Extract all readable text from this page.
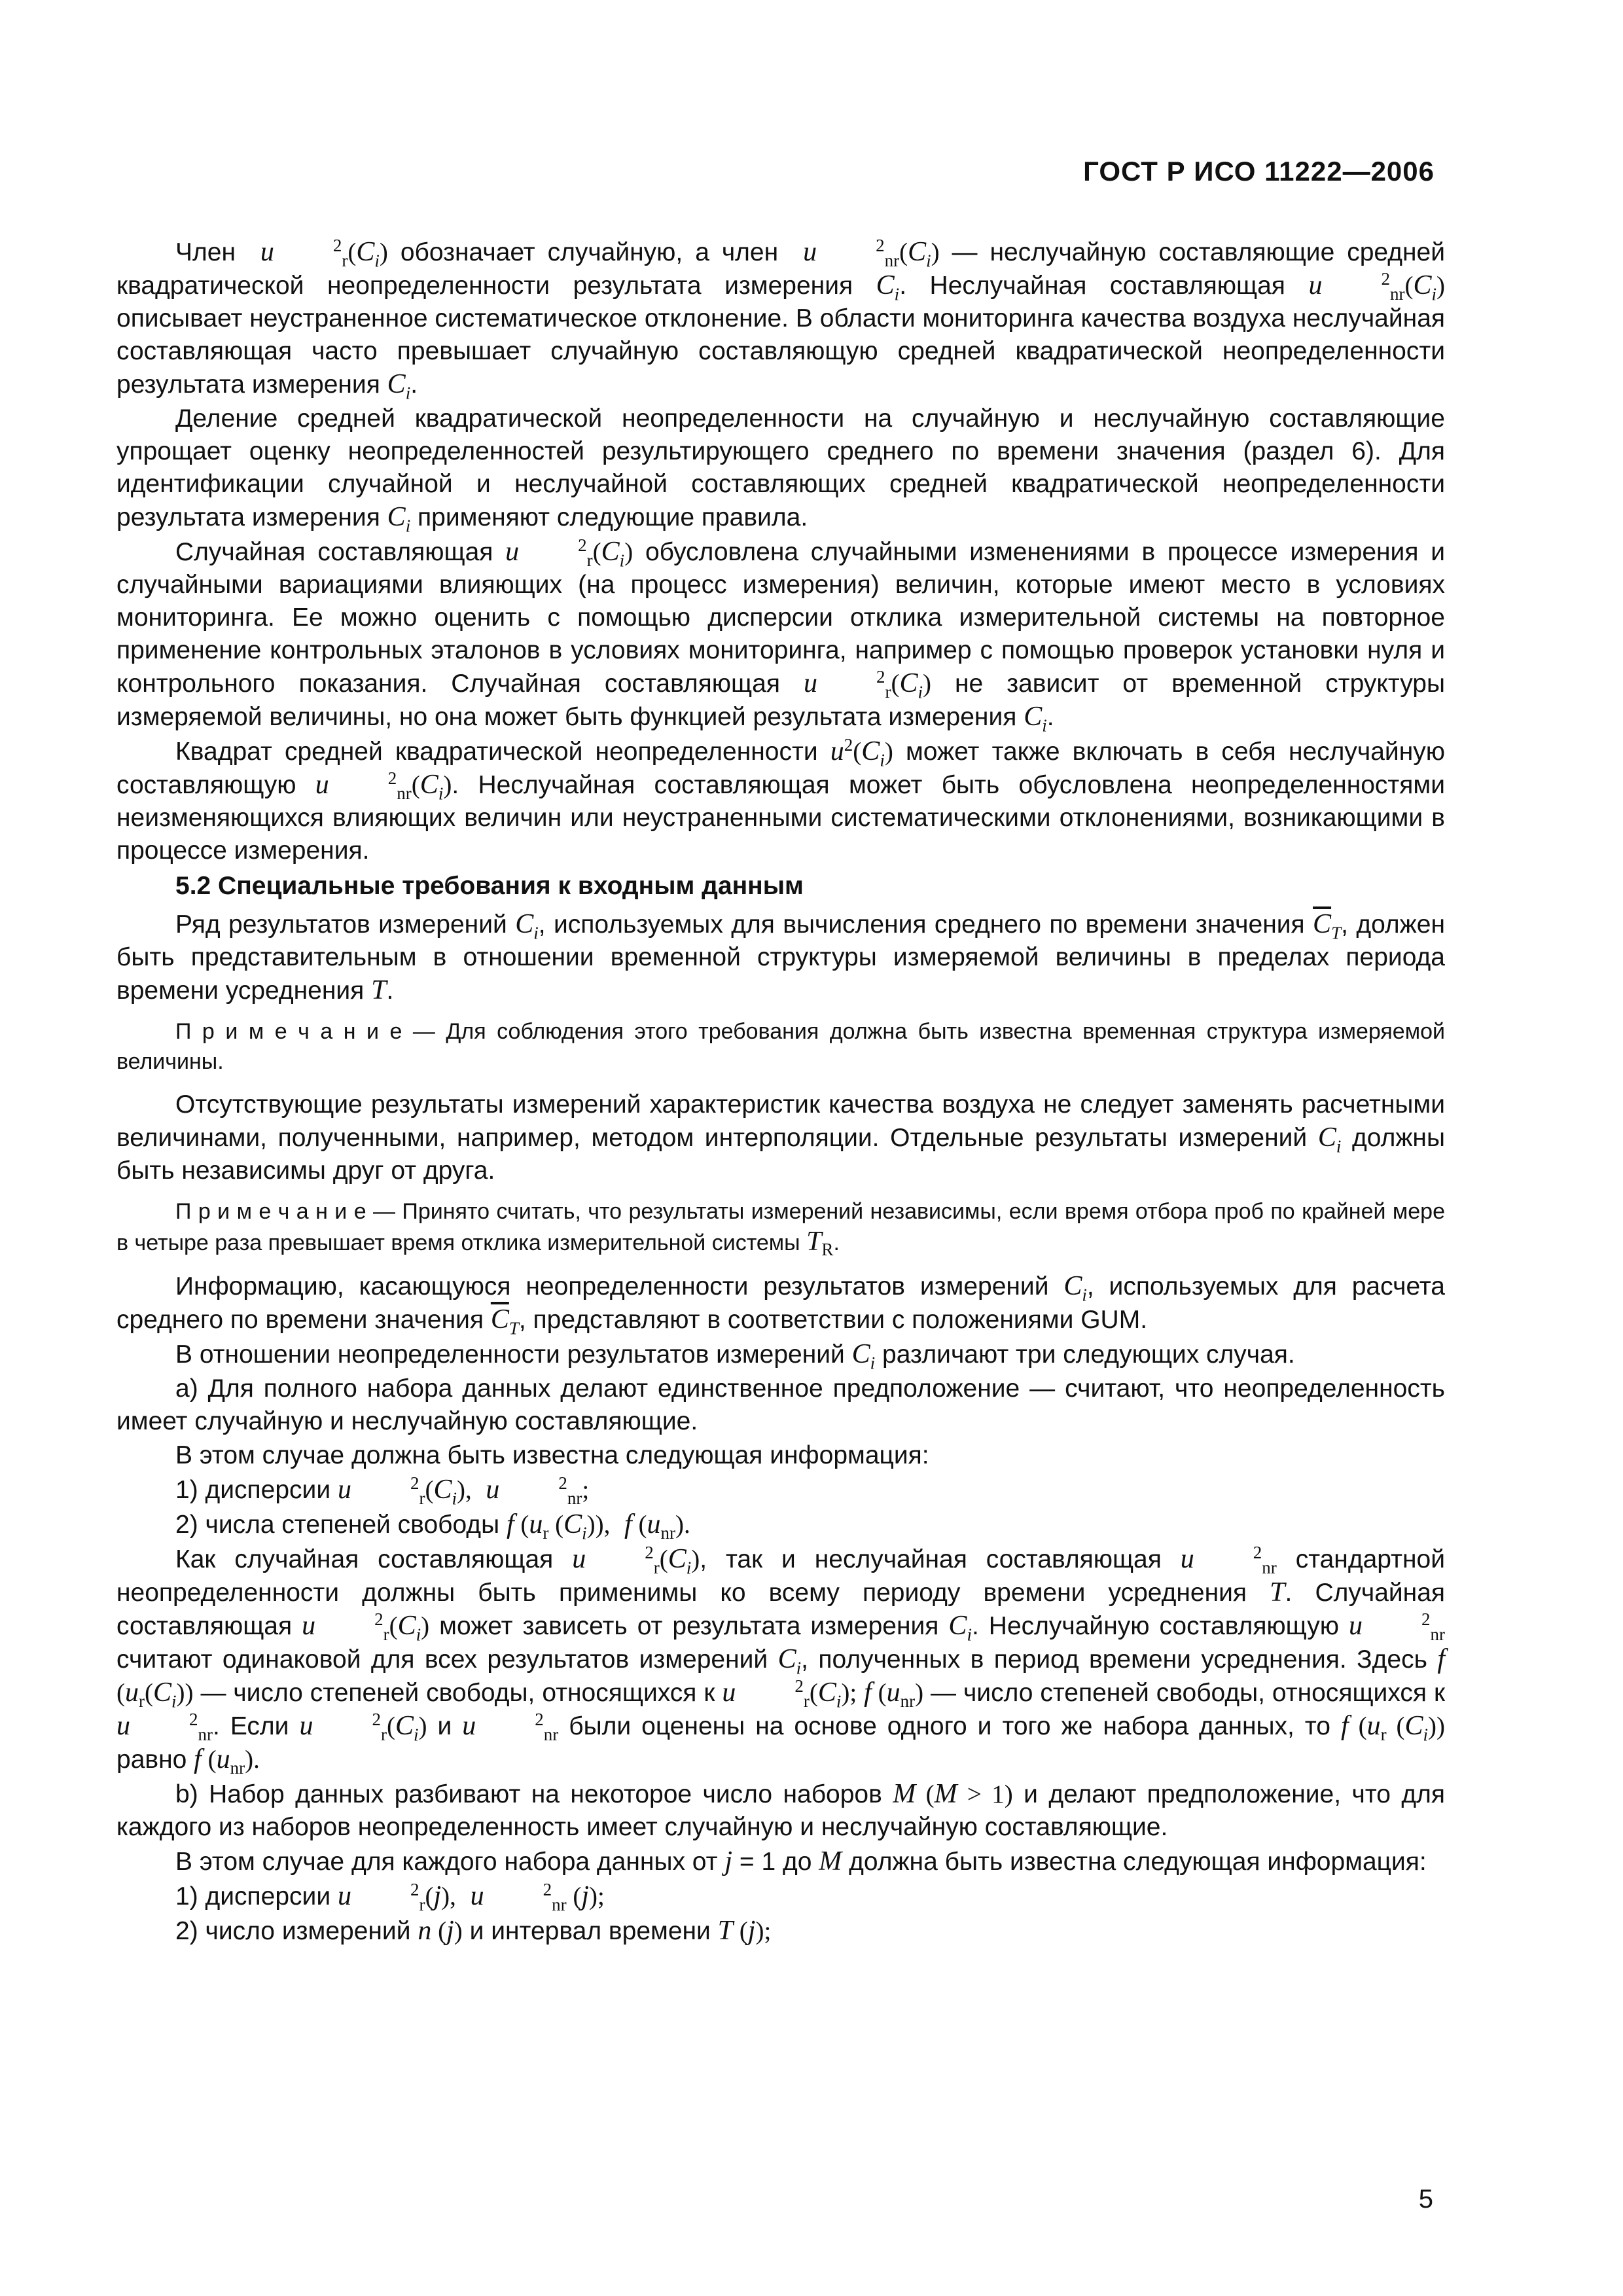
ГОСТ Р ИСО 11222—2006

Член  u	$^2_r(C_i)$ обозначает случайную, а член  u	$^2_{nr}(C_i)$ — неслучайную составляющие средней квадратической неопределенности результата измерения $C_i$. Неслучайная составляющая u	$^2_{nr}(C_i)$ описывает неустраненное систематическое отклонение. В области мониторинга качества воздуха неслучайная составляющая часто превышает случайную составляющую средней квадратической неопределенности результата измерения $C_i$.

Деление средней квадратической неопределенности на случайную и неслучайную составляющие упрощает оценку неопределенностей результирующего среднего по времени значения (раздел 6). Для идентификации случайной и неслучайной составляющих средней квадратической неопределенности результата измерения $C_i$ применяют следующие правила.

Случайная составляющая u	$^2_r(C_i)$ обусловлена случайными изменениями в процессе измерения и случайными вариациями влияющих (на процесс измерения) величин, которые имеют место в условиях мониторинга. Ее можно оценить с помощью дисперсии отклика измерительной системы на повторное применение контрольных эталонов в условиях мониторинга, например с помощью проверок установки нуля и контрольного показания. Случайная составляющая u	$^2_r(C_i)$ не зависит от временной структуры измеряемой величины, но она может быть функцией результата измерения $C_i$.

Квадрат средней квадратической неопределенности $u^2(C_i)$ может также включать в себя неслучайную составляющую u	$^2_{nr}(C_i)$. Неслучайная составляющая может быть обусловлена неопределенностями неизменяющихся влияющих величин или неустраненными систематическими отклонениями, возникающими в процессе измерения.

5.2 Специальные требования к входным данным

Ряд результатов измерений $C_i$, используемых для вычисления среднего по времени значения $\overline{C}_T$, должен быть представительным в отношении временной структуры измеряемой величины в пределах периода времени усреднения T.

П р и м е ч а н и е — Для соблюдения этого требования должна быть известна временная структура измеряемой величины.

Отсутствующие результаты измерений характеристик качества воздуха не следует заменять расчетными величинами, полученными, например, методом интерполяции. Отдельные результаты измерений $C_i$ должны быть независимы друг от друга.

П р и м е ч а н и е — Принято считать, что результаты измерений независимы, если время отбора проб по крайней мере в четыре раза превышает время отклика измерительной системы $T_R$.

Информацию, касающуюся неопределенности результатов измерений $C_i$, используемых для расчета среднего по времени значения $\overline{C}_T$, представляют в соответствии с положениями GUM.

В отношении неопределенности результатов измерений $C_i$ различают три следующих случая.

а) Для полного набора данных делают единственное предположение — считают, что неопределенность имеет случайную и неслучайную составляющие.

В этом случае должна быть известна следующая информация:

1) дисперсии u	$^2_r(C_i)$, u	$^2_{nr}$;

2) числа степеней свободы f ($u_r$ $(C_i)$), f $(u_{nr})$.

Как случайная составляющая u	$^2_r(C_i)$, так и неслучайная составляющая u	$^2_{nr}$ стандартной неопределенности должны быть применимы ко всему периоду времени усреднения T. Случайная составляющая u	$^2_r(C_i)$ может зависеть от результата измерения $C_i$. Неслучайную составляющую u	$^2_{nr}$ считают одинаковой для всех результатов измерений $C_i$, полученных в период времени усреднения. Здесь f $(u_r(C_i))$ — число степеней свободы, относящихся к u	$^2_r(C_i)$; f $(u_{nr})$ — число степеней свободы, относящихся к u	$^2_{nr}$. Если u	$^2_r(C_i)$ и u	$^2_{nr}$ были оценены на основе одного и того же набора данных, то f ($u_r$ $(C_i)$) равно f $(u_{nr})$.

b) Набор данных разбивают на некоторое число наборов M (M > 1) и делают предположение, что для каждого из наборов неопределенность имеет случайную и неслучайную составляющие.

В этом случае для каждого набора данных от j = 1 до M должна быть известна следующая информация:

1) дисперсии u	$^2_r$(j), u	$^2_{nr}$ (j);

2) число измерений n (j) и интервал времени T (j);

5
